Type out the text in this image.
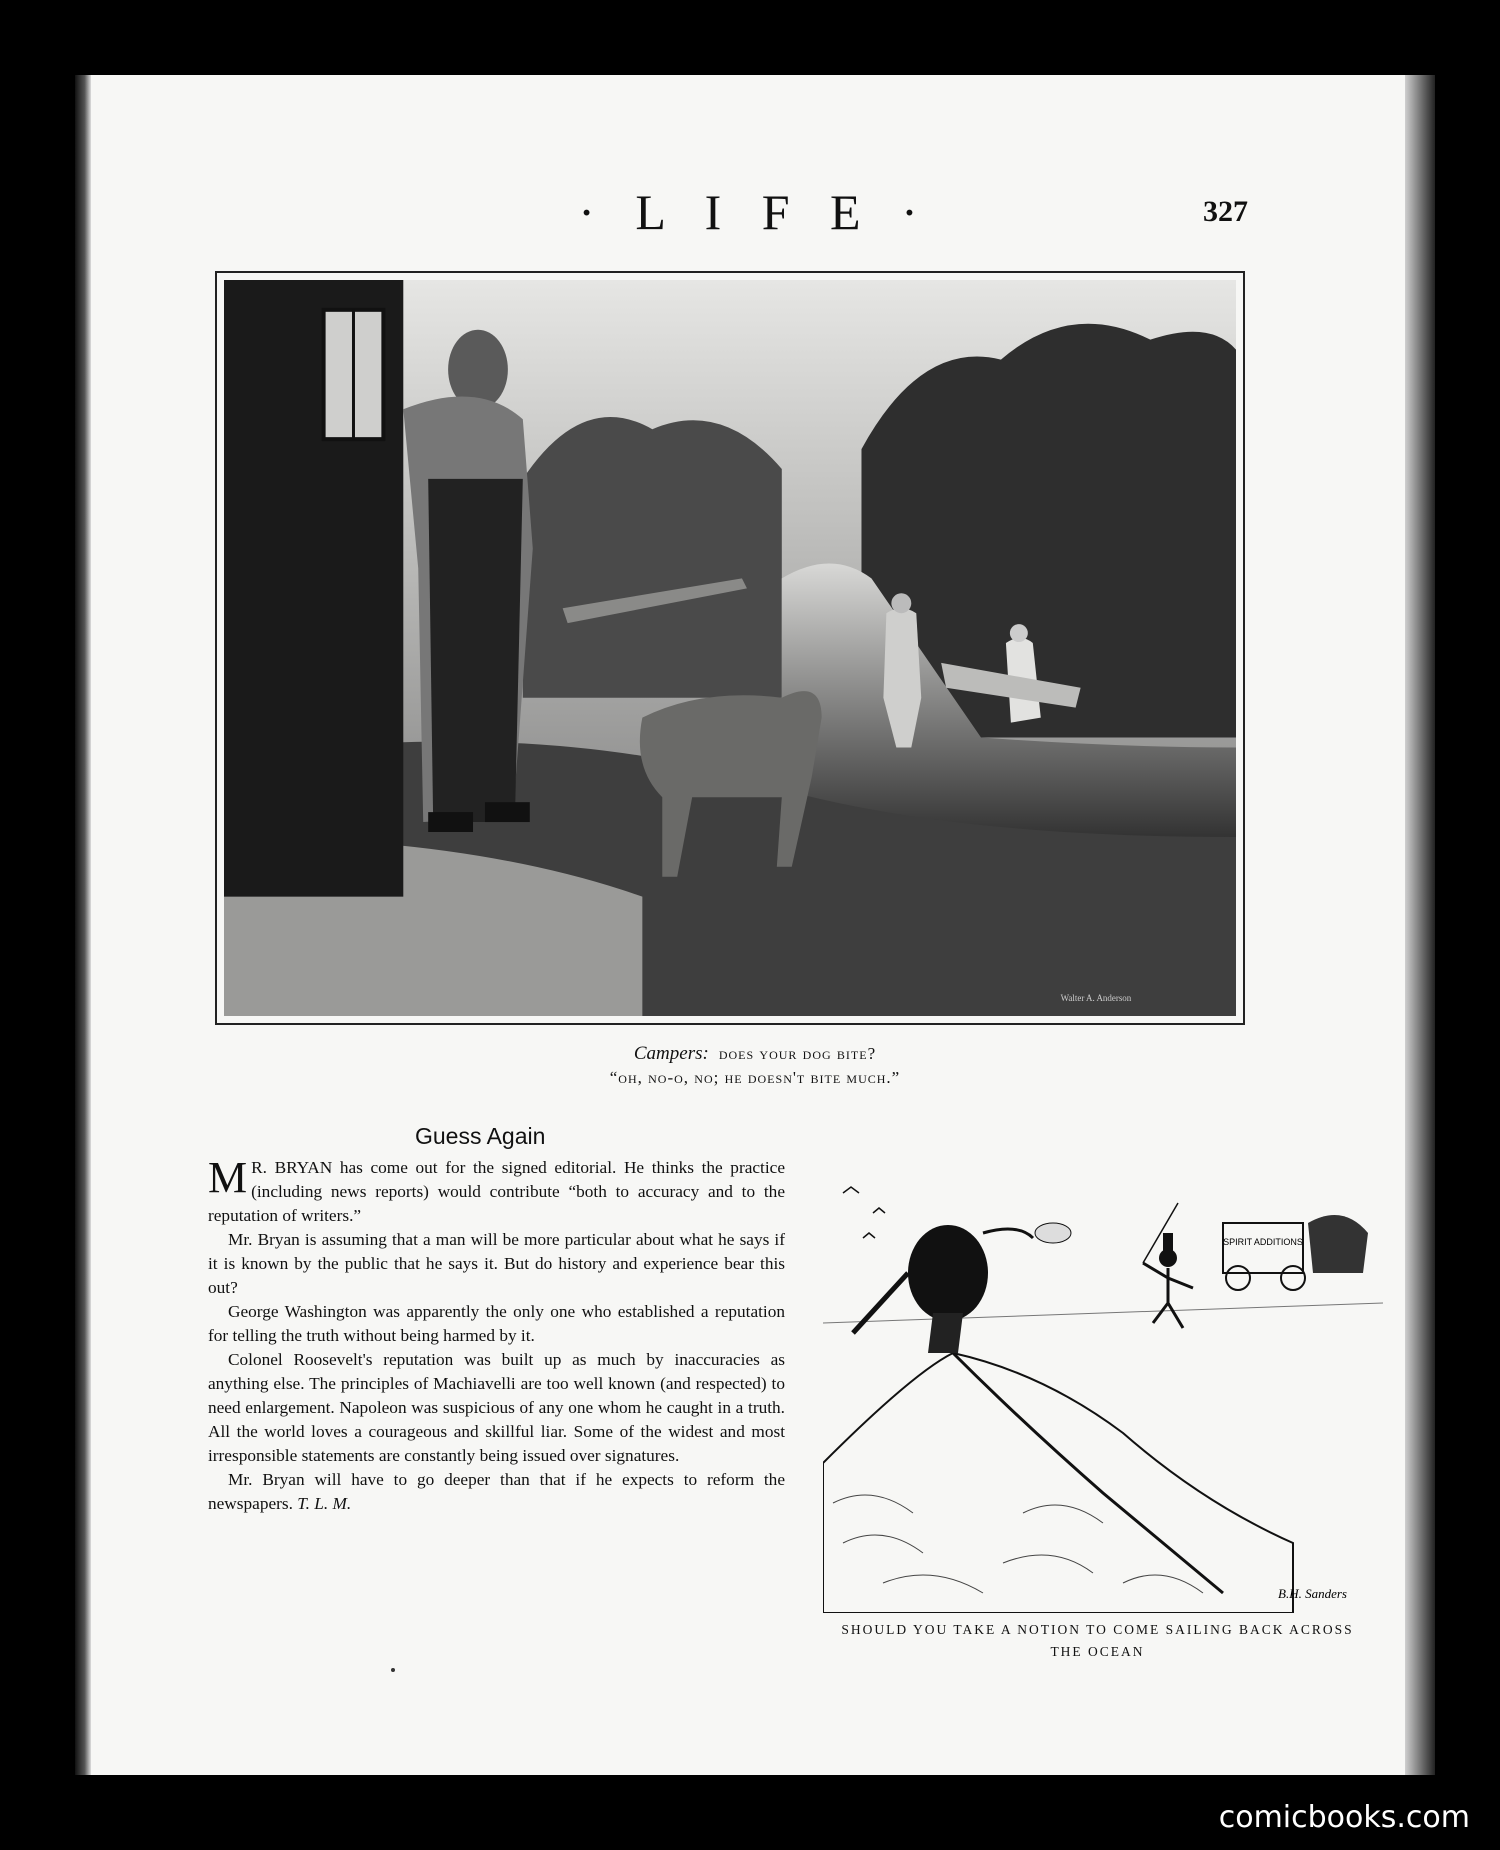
· L I F E ·	327
Walter A. Anderson
Campers: does your dog bite?
“oh, no-o, no; he doesn't bite much.”
Guess Again

M R. BRYAN has come out for the signed editorial. He thinks the practice (including news reports) would contribute “both to accuracy and to the reputation of writers.”

Mr. Bryan is assuming that a man will be more particular about what he says if it is known by the public that he says it. But do history and experience bear this out?

George Washington was apparently the only one who established a reputation for telling the truth without being harmed by it.

Colonel Roosevelt's reputation was built up as much by inaccuracies as anything else. The principles of Machiavelli are too well known (and respected) to need enlargement. Napoleon was suspicious of any one whom he caught in a truth. All the world loves a courageous and skillful liar. Some of the widest and most irresponsible statements are constantly being issued over signatures.

Mr. Bryan will have to go deeper than that if he expects to reform the newspapers. T. L. M.

SPIRIT ADDITIONS
B.H. Sanders
SHOULD YOU TAKE A NOTION TO COME SAILING BACK ACROSS
THE OCEAN
comicbooks.com
